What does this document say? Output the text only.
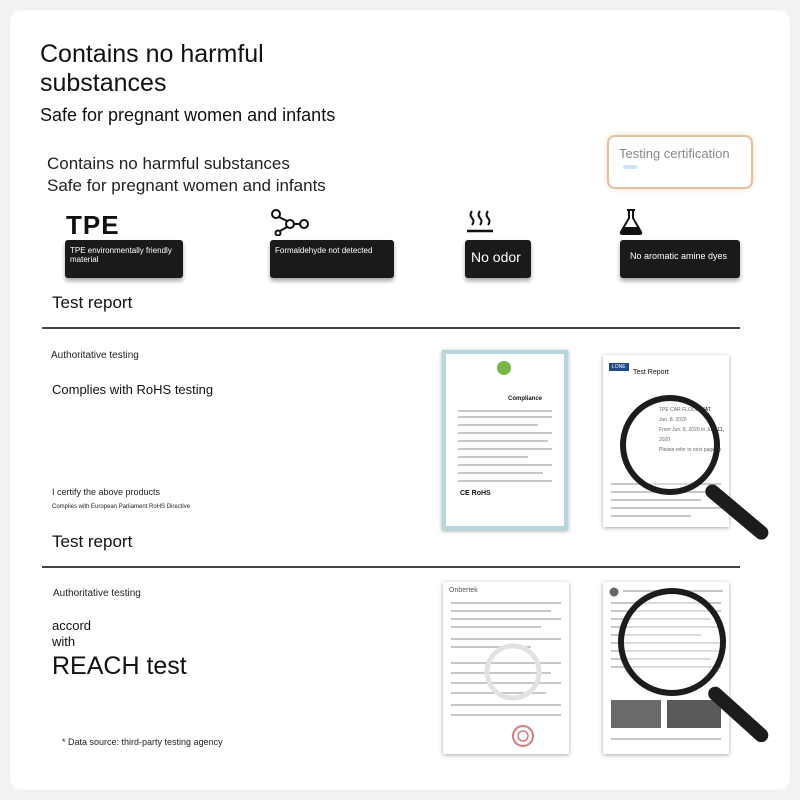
Contains no harmful substances
Safe for pregnant women and infants
Contains no harmful substances
Safe for pregnant women and infants
Testing certification
TPE
TPE environmentally friendly material
Formaldehyde not detected	No odor	No aromatic amine dyes
Test report
Authoritative testing
Complies with RoHS testing
I certify the above products
Complies with European Parliament RoHS Directive
Compliance
CE RoHS
LONE
Test Report
TPE car mat
TPE CAR FLOOR MAT
Jun. 8, 2020
From Jun. 8, 2020 to Jun. 11, 2020
Please refer to next page(s)
Test report
Authoritative testing
accord
with
REACH test
* Data source: third-party testing agency
Onbertek
